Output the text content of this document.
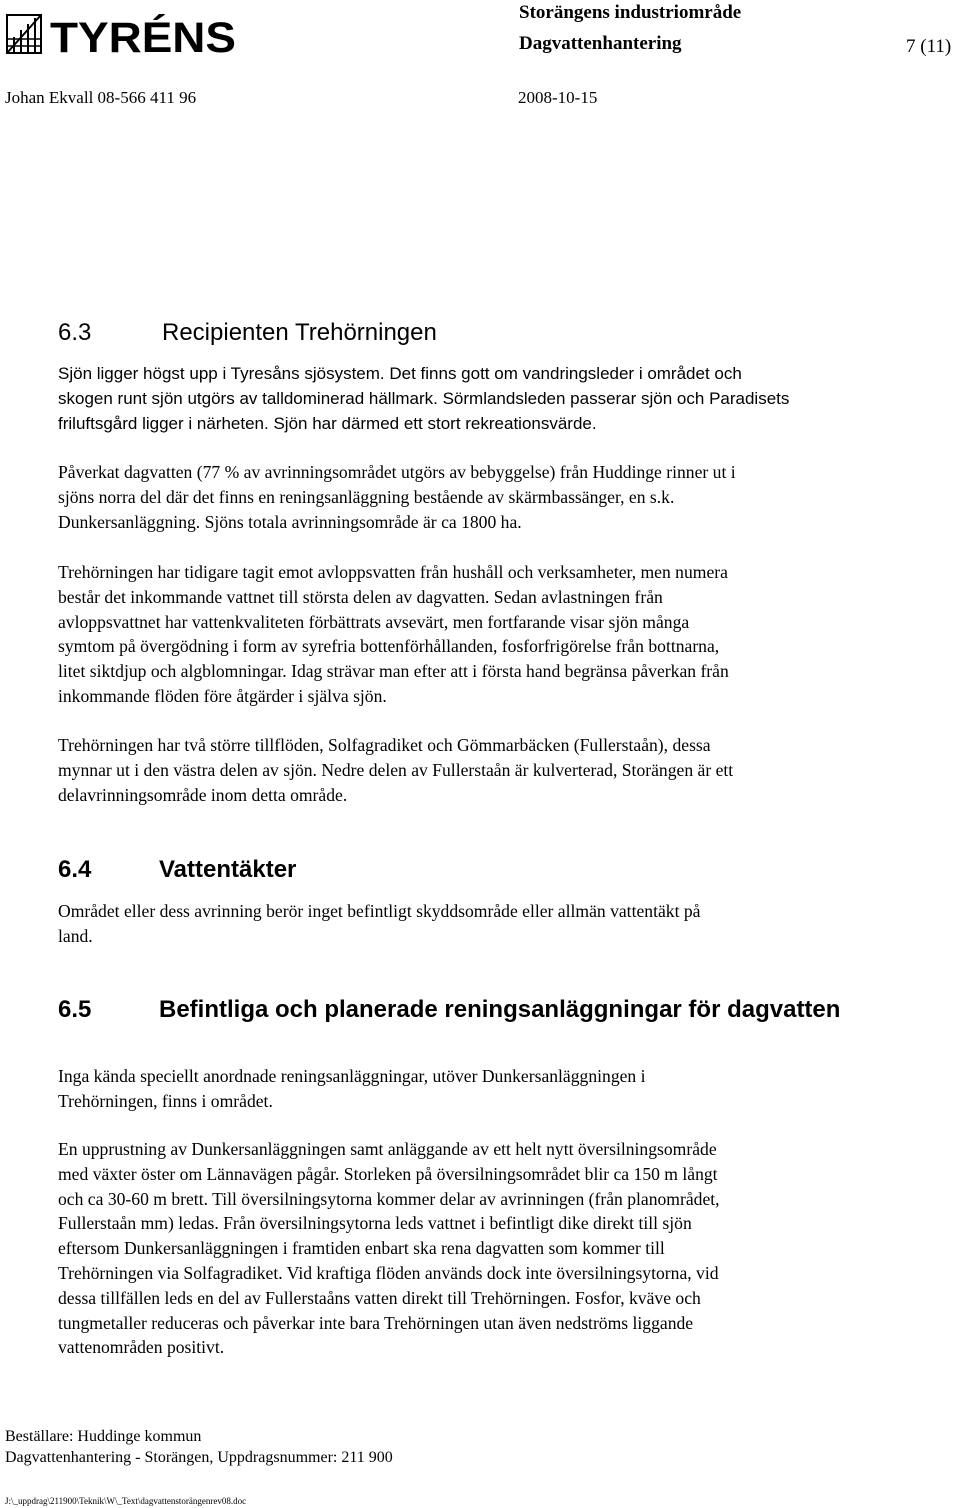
TYRÉNS
Storängens industriområde
Dagvattenhantering	7 (11)
Johan Ekvall 08-566 411 96	2008-10-15
6.3	Recipienten Trehörningen
Sjön ligger högst upp i Tyresåns sjösystem. Det finns gott om vandringsleder i området och
skogen runt sjön utgörs av talldominerad hällmark. Sörmlandsleden passerar sjön och Paradisets
friluftsgård ligger i närheten. Sjön har därmed ett stort rekreationsvärde.
Påverkat dagvatten (77 % av avrinningsområdet utgörs av bebyggelse) från Huddinge rinner ut i
sjöns norra del där det finns en reningsanläggning bestående av skärmbassänger, en s.k.
Dunkersanläggning. Sjöns totala avrinningsområde är ca 1800 ha.
Trehörningen har tidigare tagit emot avloppsvatten från hushåll och verksamheter, men numera
består det inkommande vattnet till största delen av dagvatten. Sedan avlastningen från
avloppsvattnet har vattenkvaliteten förbättrats avsevärt, men fortfarande visar sjön många
symtom på övergödning i form av syrefria bottenförhållanden, fosforfrigörelse från bottnarna,
litet siktdjup och algblomningar. Idag strävar man efter att i första hand begränsa påverkan från
inkommande flöden före åtgärder i själva sjön.
Trehörningen har två större tillflöden, Solfagradiket och Gömmarbäcken (Fullerstaån), dessa
mynnar ut i den västra delen av sjön. Nedre delen av Fullerstaån är kulverterad, Storängen är ett
delavrinningsområde inom detta område.
6.4	Vattentäkter
Området eller dess avrinning berör inget befintligt skyddsområde eller allmän vattentäkt på
land.
6.5	Befintliga och planerade reningsanläggningar för dagvatten
Inga kända speciellt anordnade reningsanläggningar, utöver Dunkersanläggningen i
Trehörningen, finns i området.
En upprustning av Dunkersanläggningen samt anläggande av ett helt nytt översilningsområde
med växter öster om Lännavägen pågår. Storleken på översilningsområdet blir ca 150 m långt
och ca 30-60 m brett. Till översilningsytorna kommer delar av avrinningen (från planområdet,
Fullerstaån mm) ledas. Från översilningsytorna leds vattnet i befintligt dike direkt till sjön
eftersom Dunkersanläggningen i framtiden enbart ska rena dagvatten som kommer till
Trehörningen via Solfagradiket. Vid kraftiga flöden används dock inte översilningsytorna, vid
dessa tillfällen leds en del av Fullerstaåns vatten direkt till Trehörningen. Fosfor, kväve och
tungmetaller reduceras och påverkar inte bara Trehörningen utan även nedströms liggande
vattenområden positivt.
Beställare: Huddinge kommun
Dagvattenhantering - Storängen, Uppdragsnummer: 211 900
J:\_uppdrag\211900\Teknik\W\_Text\dagvattenstorängenrev08.doc
